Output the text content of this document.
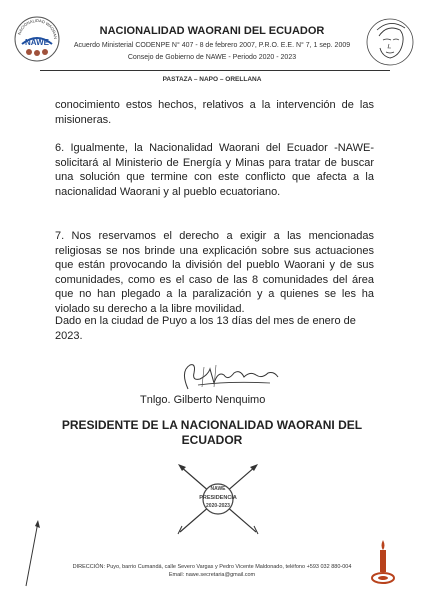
NACIONALIDAD WAORAN
NAWE
NACIONALIDAD WAORANI DEL ECUADOR
Acuerdo Ministerial CODENPE N° 407 - 8 de febrero 2007, P.R.O. E.E. N° 7, 1 sep. 2009
Consejo de Gobierno de NAWE - Periodo 2020 - 2023
PASTAZA – NAPO – ORELLANA
conocimiento estos hechos, relativos a la intervención de las misioneras.
6. Igualmente, la Nacionalidad Waorani del Ecuador -NAWE- solicitará al Ministerio de Energía y Minas para tratar de buscar una solución que termine con este conflicto que afecta a la nacionalidad Waorani y al pueblo ecuatoriano.
7. Nos reservamos el derecho a exigir a las mencionadas religiosas se nos brinde una explicación sobre sus actuaciones que están provocando la división del pueblo Waorani y de sus comunidades, como es el caso de las 8 comunidades del área que no han plegado a la paralización y a quienes se les ha violado su derecho a la libre movilidad.
Dado en la ciudad de Puyo a los 13 días del mes de enero de 2023.
Tnlgo. Gilberto Nenquimo
PRESIDENTE DE LA NACIONALIDAD WAORANI DEL ECUADOR
NAWE
PRESIDENCIA
2020-2023
DIRECCIÓN: Puyo, barrio Cumandá, calle Severo Vargas y Pedro Vicente Maldonado, teléfono +593 032 880-004
Email: nawe.secretaria@gmail.com
